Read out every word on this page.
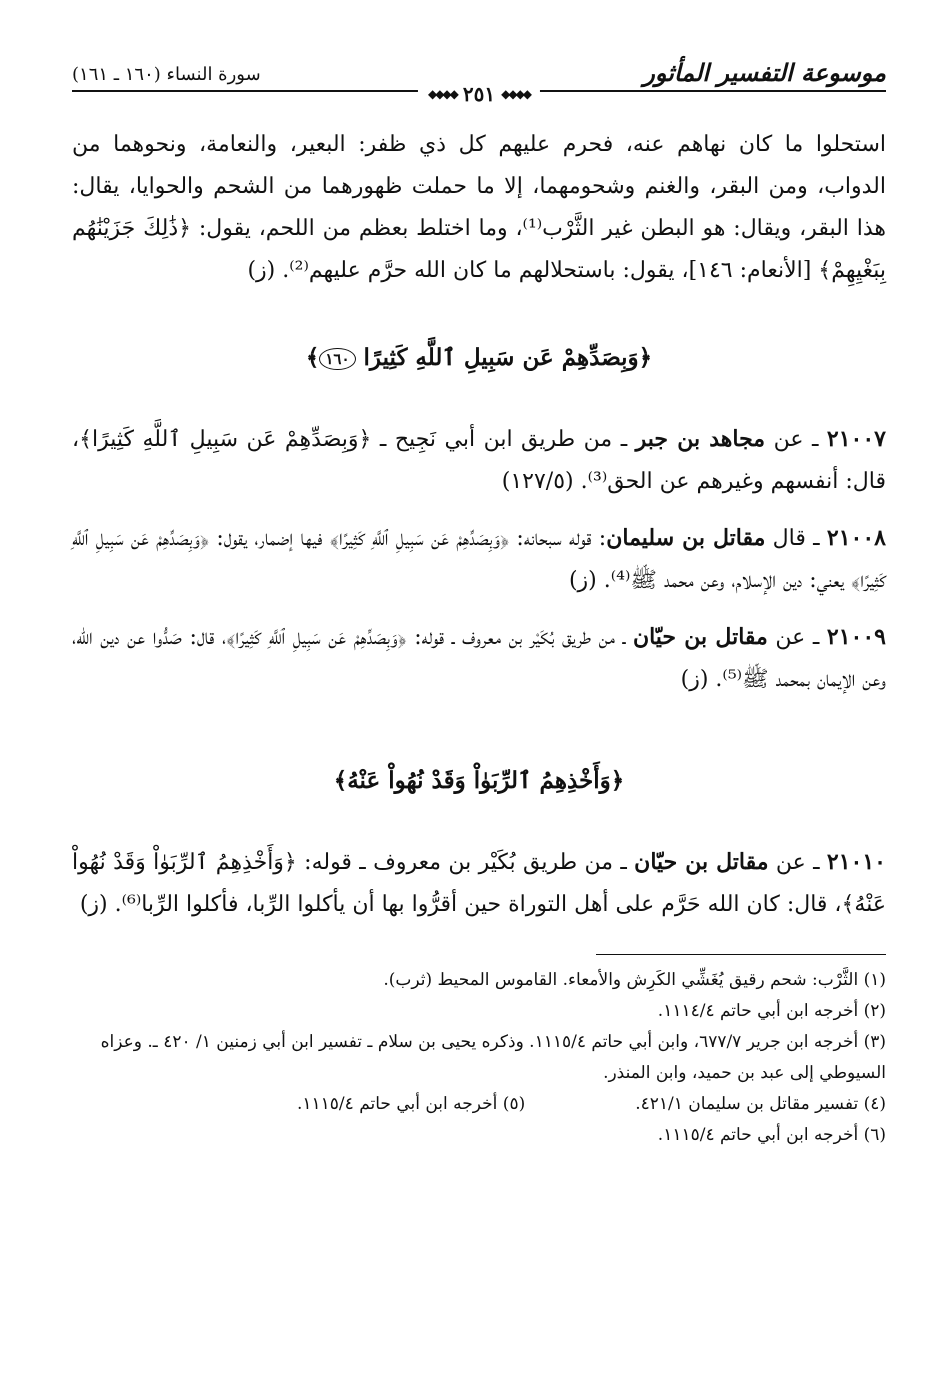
موسوعة التفسير المأثور
سورة النساء (١٦٠ ـ ١٦١)
◆◆◆◆ ٢٥١ ◆◆◆◆

استحلوا ما كان نهاهم عنه، فحرم عليهم كل ذي ظفر: البعير، والنعامة، ونحوهما من الدواب، ومن البقر، والغنم وشحومهما، إلا ما حملت ظهورهما من الشحم والحوايا، يقال: هذا البقر، ويقال: هو البطن غير الثَّرْب⁽¹⁾، وما اختلط بعظم من اللحم، يقول: ﴿ذَٰلِكَ جَزَيْنَٰهُم بِبَغْيِهِمْ﴾ [الأنعام: ١٤٦]، يقول: باستحلالهم ما كان الله حرَّم عليهم⁽²⁾. (ز)

﴿وَبِصَدِّهِمْ عَن سَبِيلِ ٱللَّهِ كَثِيرًا ١٦٠﴾

٢١٠٠٧ ـ عن مجاهد بن جبر ـ من طريق ابن أبي نَجِيح ـ ﴿وَبِصَدِّهِمْ عَن سَبِيلِ ٱللَّهِ كَثِيرًا﴾، قال: أنفسهم وغيرهم عن الحق⁽³⁾. (١٢٧/٥)

٢١٠٠٨ ـ قال مقاتل بن سليمان: قوله سبحانه: ﴿وَبِصَدِّهِمْ عَن سَبِيلِ ٱللَّهِ كَثِيرًا﴾ فيها إضمار، يقول: ﴿وَبِصَدِّهِمْ عَن سَبِيلِ ٱللَّهِ كَثِيرًا﴾ يعني: دين الإسلام، وعن محمد ﷺ⁽⁴⁾. (ز)

٢١٠٠٩ ـ عن مقاتل بن حيّان ـ من طريق بُكَيْر بن معروف ـ قوله: ﴿وَبِصَدِّهِمْ عَن سَبِيلِ ٱللَّهِ كَثِيرًا﴾، قال: صَدُّوا عن دين الله، وعن الإيمان بمحمد ﷺ⁽⁵⁾. (ز)

﴿وَأَخْذِهِمُ ٱلرِّبَوٰاْ وَقَدْ نُهُواْ عَنْهُ﴾

٢١٠١٠ ـ عن مقاتل بن حيّان ـ من طريق بُكَيْر بن معروف ـ قوله: ﴿وَأَخْذِهِمُ ٱلرِّبَوٰاْ وَقَدْ نُهُواْ عَنْهُ﴾، قال: كان الله حَرَّم على أهل التوراة حين أقرُّوا بها أن يأكلوا الرِّبا، فأكلوا الرِّبا⁽⁶⁾. (ز)

(١) الثَّرْب: شحم رقيق يُغَشِّي الكَرِش والأمعاء. القاموس المحيط (ثرب).

(٢) أخرجه ابن أبي حاتم ١١١٤/٤.

(٣) أخرجه ابن جرير ٦٧٧/٧، وابن أبي حاتم ١١١٥/٤. وذكره يحيى بن سلام ـ تفسير ابن أبي زمنين ١/ ٤٢٠ ـ. وعزاه السيوطي إلى عبد بن حميد، وابن المنذر.

(٤) تفسير مقاتل بن سليمان ٤٢١/١.
(٥) أخرجه ابن أبي حاتم ١١١٥/٤.

(٦) أخرجه ابن أبي حاتم ١١١٥/٤.
